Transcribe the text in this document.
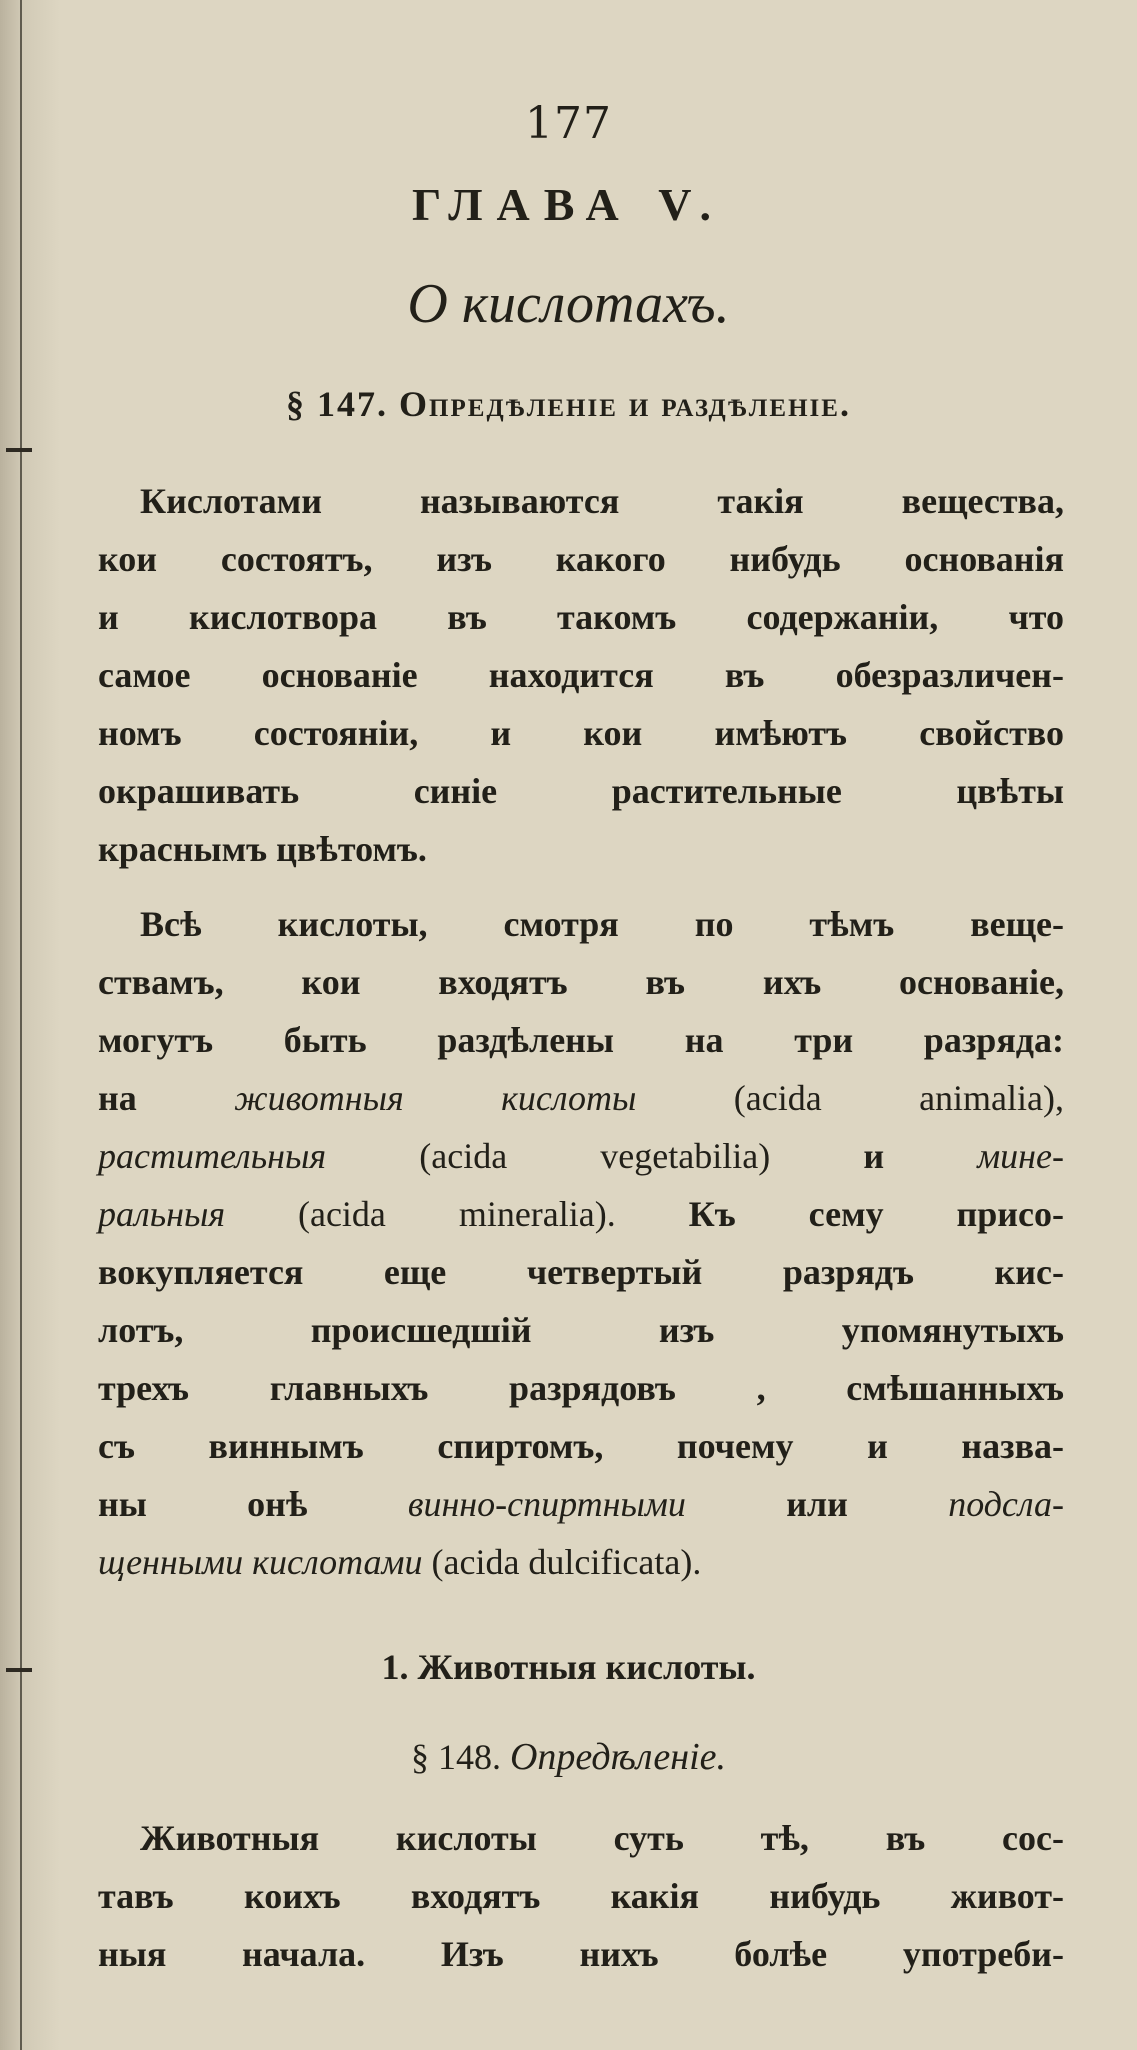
177
ГЛАВА V.
О кислотахъ.
§ 147. Опредѣленіе и раздѣленіе.
Кислотами называются такія вещества,
кои состоятъ, изъ какого нибудь основанія
и кислотвора въ такомъ содержаніи, что
самое основаніе находится въ обезразличен-
номъ состояніи, и кои имѣютъ свойство
окрашивать синіе растительные цвѣты
краснымъ цвѣтомъ.
Всѣ кислоты, смотря по тѣмъ веще-
ствамъ, кои входятъ въ ихъ основаніе,
могутъ быть раздѣлены на три разряда:
на	животныя кислоты	(acida animalia),
растительныя	(acida vegetabilia)	и	мине-
ральныя (acida mineralia). Къ сему присо-
вокупляется еще четвертый разрядъ кис-
лотъ, происшедшій изъ упомянутыхъ
трехъ главныхъ разрядовъ , смѣшанныхъ
съ виннымъ спиртомъ, почему и назва-
ны онѣ	винно-спиртными	или	подсла-
щенными кислотами (acida dulcificata).
1. Животныя кислоты.
§ 148. Опредѣленіе.
Животныя кислоты суть тѣ, въ сос-
тавъ коихъ входятъ какія нибудь живот-
ныя начала. Изъ нихъ болѣе употреби-
